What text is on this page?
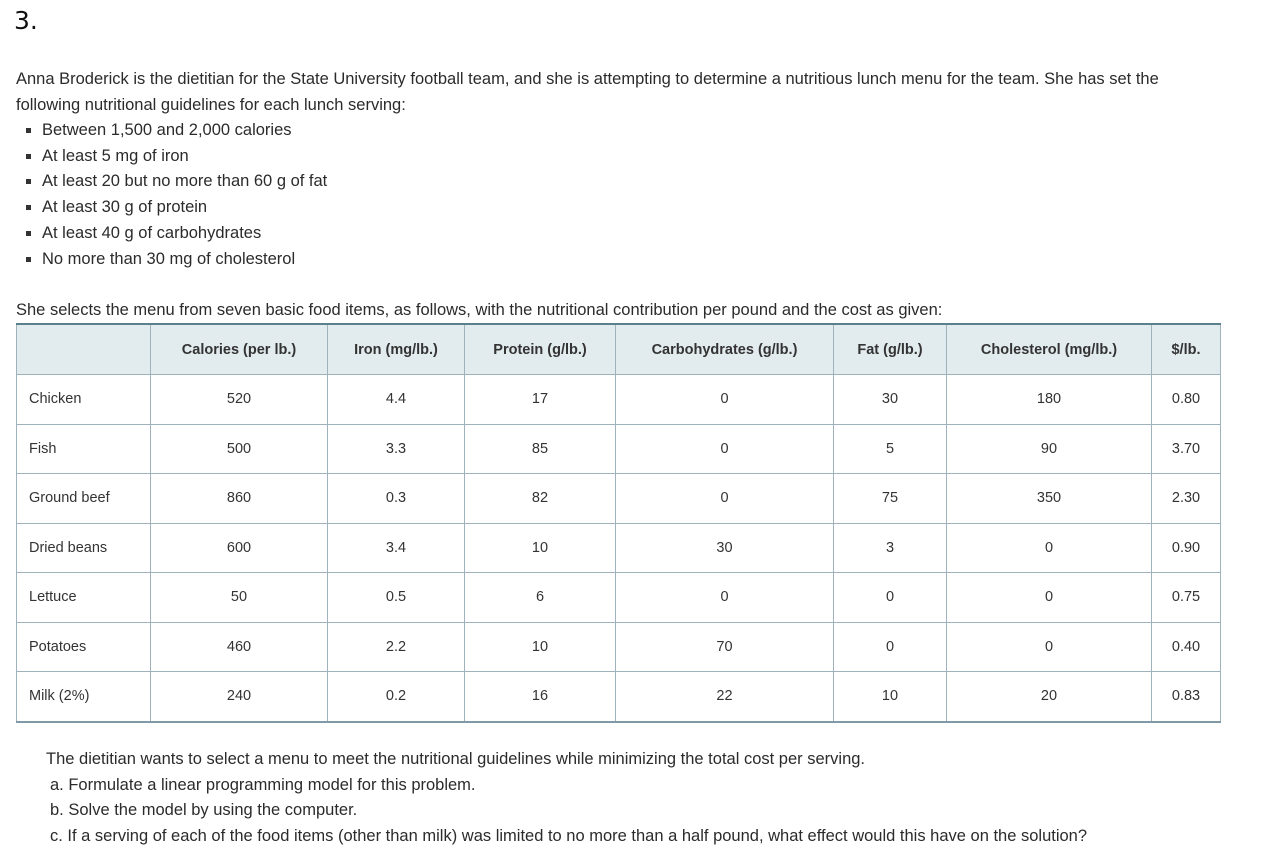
3.

Anna Broderick is the dietitian for the State University football team, and she is attempting to determine a nutritious lunch menu for the team. She has set the

following nutritional guidelines for each lunch serving:

Between 1,500 and 2,000 calories
At least 5 mg of iron
At least 20 but no more than 60 g of fat
At least 30 g of protein
At least 40 g of carbohydrates
No more than 30 mg of cholesterol
She selects the menu from seven basic food items, as follows, with the nutritional contribution per pound and the cost as given:
	Calories (per lb.)	Iron (mg/lb.)	Protein (g/lb.)	Carbohydrates (g/lb.)	Fat (g/lb.)	Cholesterol (mg/lb.)	$/lb.
Chicken	520	4.4	17	0	30	180	0.80
Fish	500	3.3	85	0	5	90	3.70
Ground beef	860	0.3	82	0	75	350	2.30
Dried beans	600	3.4	10	30	3	0	0.90
Lettuce	50	0.5	6	0	0	0	0.75
Potatoes	460	2.2	10	70	0	0	0.40
Milk (2%)	240	0.2	16	22	10	20	0.83

The dietitian wants to select a menu to meet the nutritional guidelines while minimizing the total cost per serving.

a. Formulate a linear programming model for this problem.
b. Solve the model by using the computer.
c. If a serving of each of the food items (other than milk) was limited to no more than a half pound, what effect would this have on the solution?
